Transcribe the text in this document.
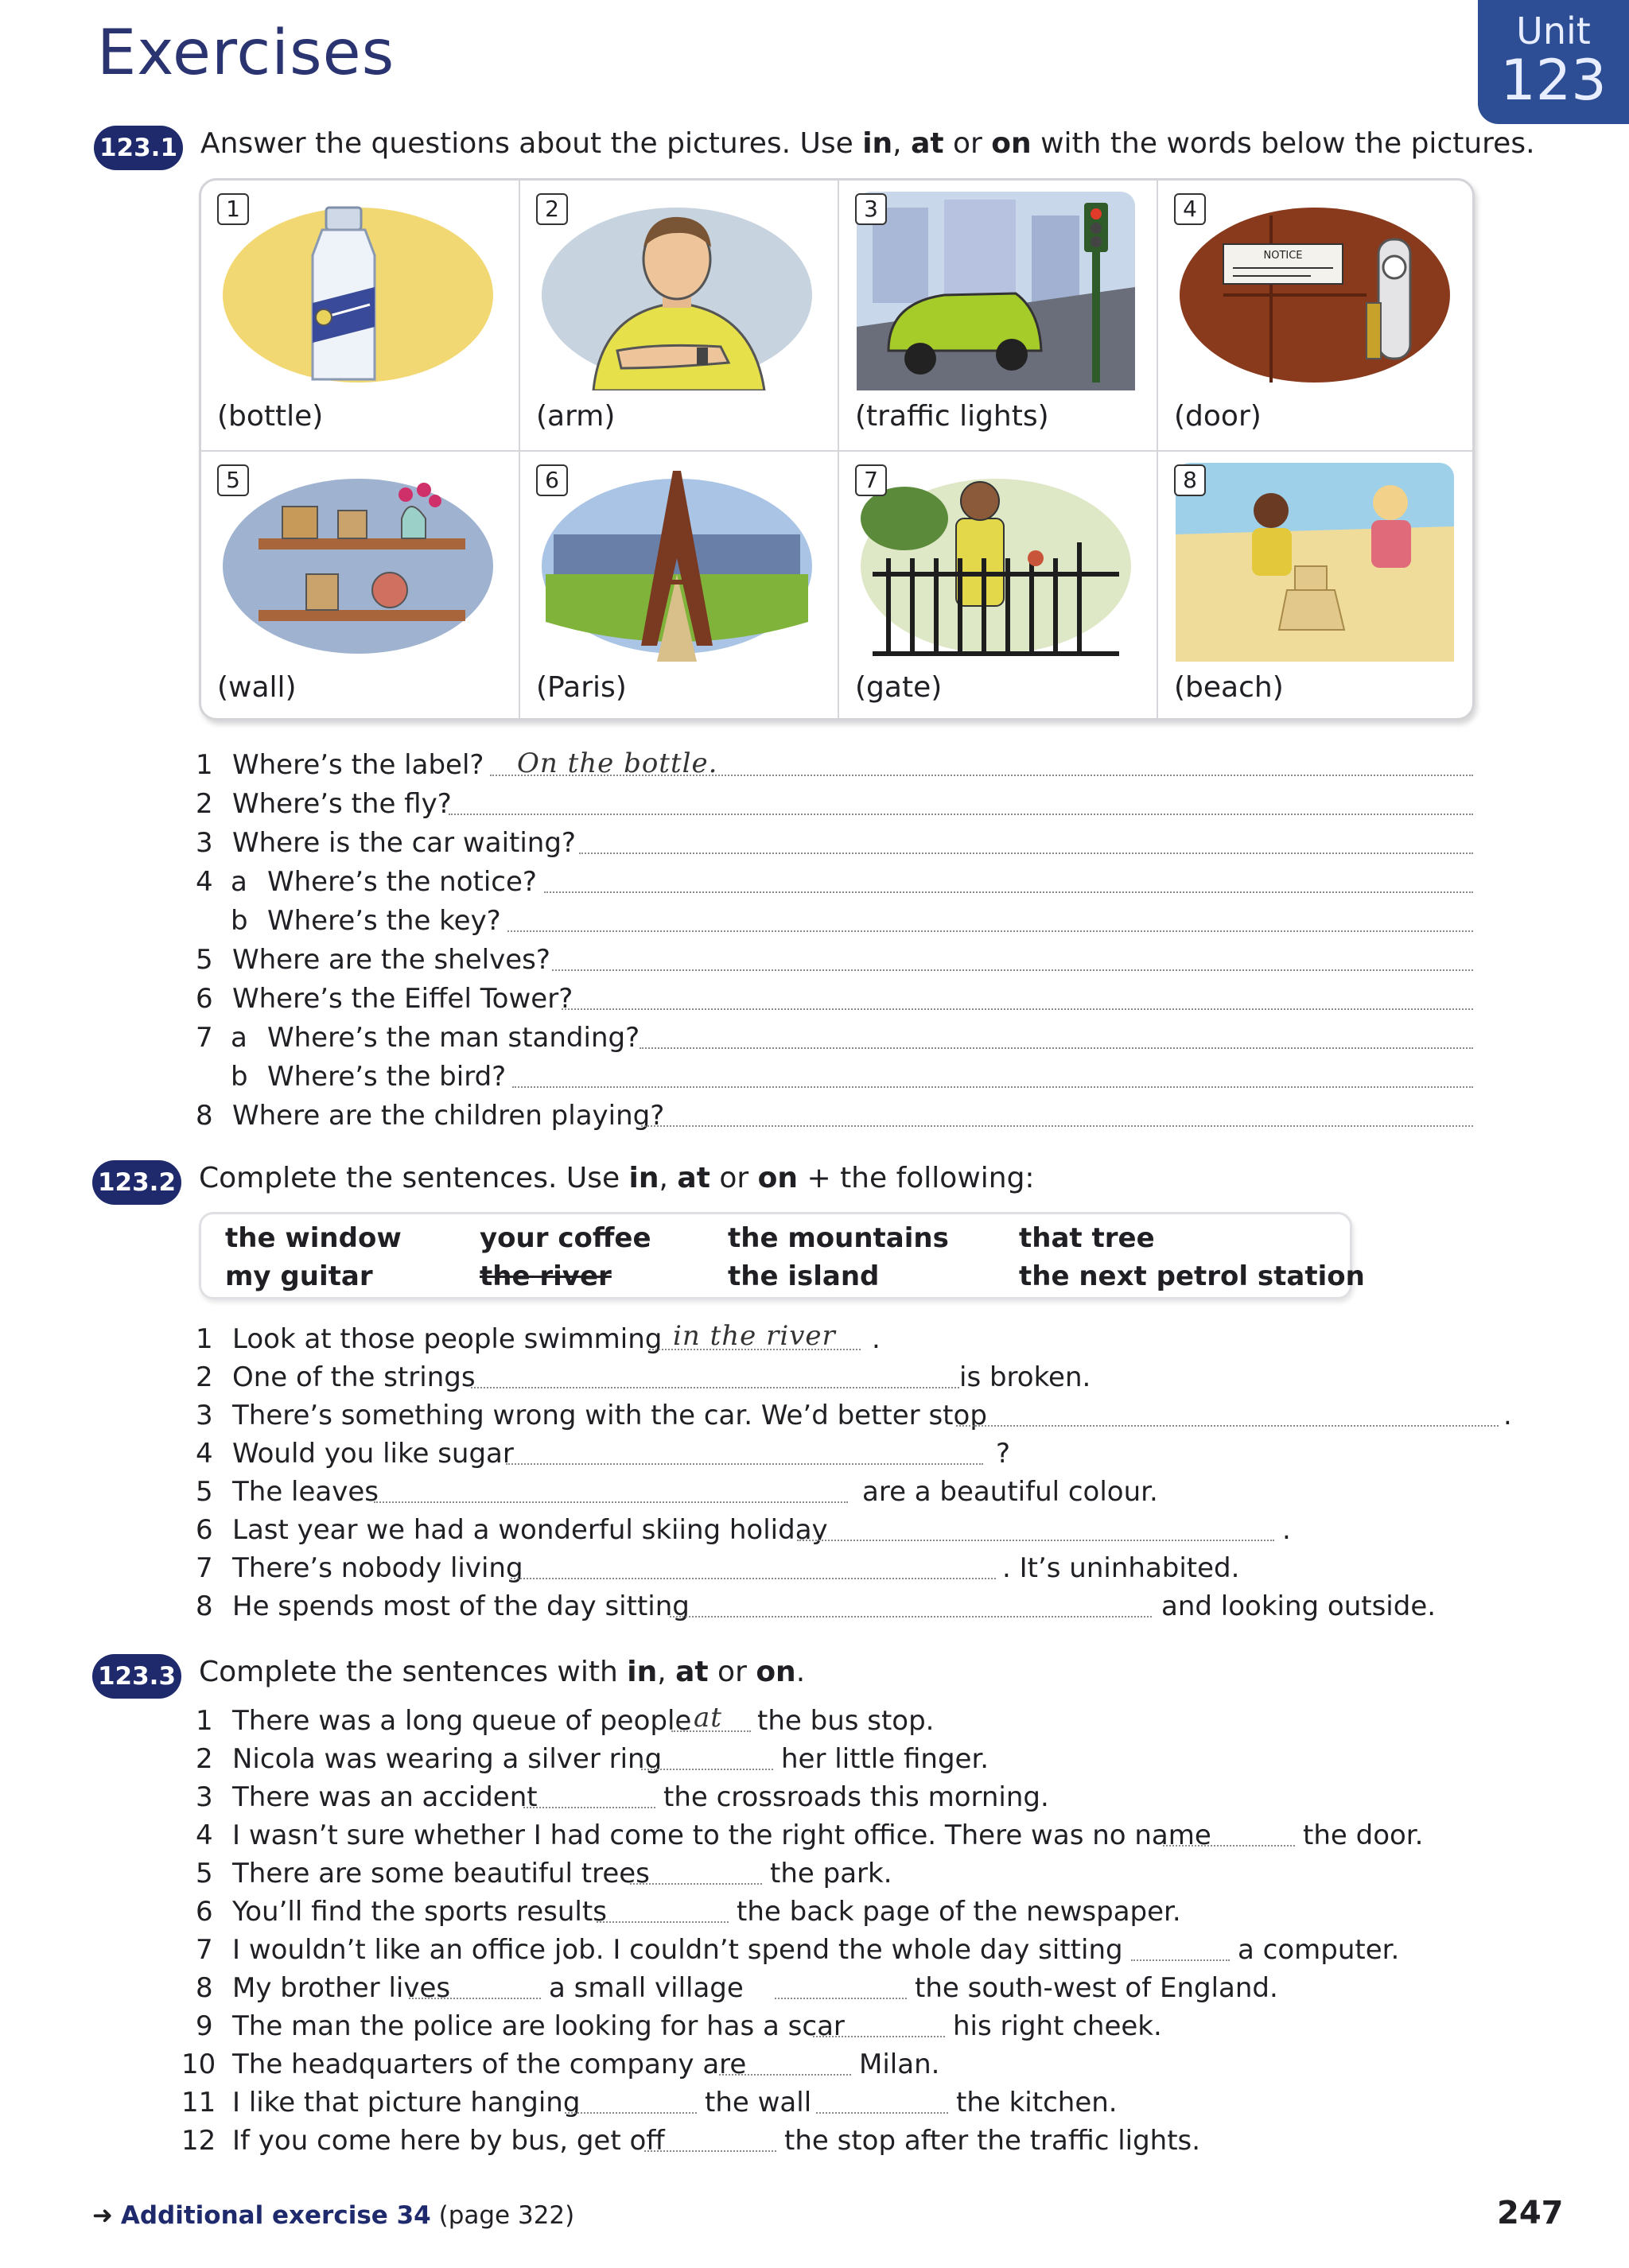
Exercises	Unit
123
123.1 Answer the questions about the pictures. Use in, at or on with the words below the pictures.
1
(bottle)
2
(arm)
3
(traffic lights)
4
NOTICE
(door)
5
(wall)
6
(Paris)
7
(gate)
8
(beach)
1 Where’s the label? On the bottle.
2 Where’s the fly?
3 Where is the car waiting?
4 a Where’s the notice?
b Where’s the key?
5 Where are the shelves?
6 Where’s the Eiffel Tower?
7 a Where’s the man standing?
b Where’s the bird?
8 Where are the children playing?
123.2 Complete the sentences. Use in, at or on + the following:
the window	your coffee	the mountains	that tree
my guitar	the river	the island	the next petrol station
1 Look at those people swimming in the river .
2 One of the strings	is broken.
3 There’s something wrong with the car. We’d better stop	.
4 Would you like sugar	?
5 The leaves	are a beautiful colour.
6 Last year we had a wonderful skiing holiday	.
7 There’s nobody living	. It’s uninhabited.
8 He spends most of the day sitting	and looking outside.
123.3 Complete the sentences with in, at or on.
1 There was a long queue of people at the bus stop.
2 Nicola was wearing a silver ring	her little finger.
3 There was an accident	the crossroads this morning.
4 I wasn’t sure whether I had come to the right office. There was no name	the door.
5 There are some beautiful trees	the park.
6 You’ll find the sports results	the back page of the newspaper.
7 I wouldn’t like an office job. I couldn’t spend the whole day sitting	a computer.
8 My brother lives	a small village	the south-west of England.
9 The man the police are looking for has a scar	his right cheek.
10 The headquarters of the company are	Milan.
11 I like that picture hanging	the wall	the kitchen.
12 If you come here by bus, get off	the stop after the traffic lights.
➜ Additional exercise 34 (page 322)	247
